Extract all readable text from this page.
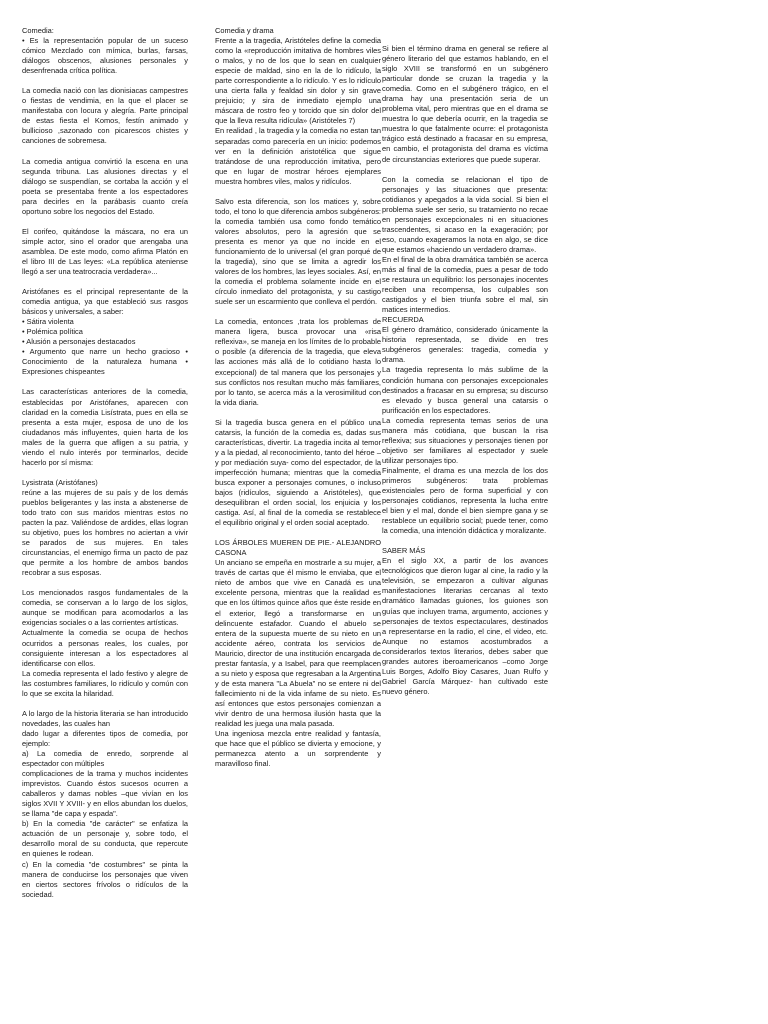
Comedia:
• Es la representación popular de un suceso cómico Mezclado con mímica, burlas, farsas, diálogos obscenos, alusiones personales y desenfrenada crítica política.

La comedia nació con las dionisiacas campestres o fiestas de vendimia, en la que el placer se manifestaba con locura y alegría. Parte principal de estas fiesta el Komos, festín animado y bullicioso ,sazonado con picarescos chistes y canciones de sobremesa.

La comedia antigua convirtió la escena en una segunda tribuna. Las alusiones directas y el diálogo se suspendían, se cortaba la acción y el poeta se presentaba frente a los espectadores para decirles en la parábasis cuanto creía oportuno sobre los negocios del Estado.

El corifeo, quitándose la máscara, no era un simple actor, sino el orador que arengaba una asamblea. De este modo, como afirma Platón en el libro III de Las leyes: «La república ateniense llegó a ser una teatrocracia verdadera»...

Aristófanes es el principal representante de la comedia antigua, ya que estableció sus rasgos básicos y universales, a saber:
• Sátira violenta
• Polémica política
• Alusión a personajes destacados
• Argumento que narre un hecho gracioso • Conocimiento de la naturaleza humana • Expresiones chispeantes

Las características anteriores de la comedia, establecidas por Aristófanes, aparecen con claridad en la comedia Lisístrata, pues en ella se presenta a esta mujer, esposa de uno de los ciudadanos más influyentes, quien harta de los males de la guerra que afligen a su patria, y viendo el nulo interés por terminarlos, decide hacerlo por sí misma:

Lysistrata (Aristófanes)
reúne a las mujeres de su país y de los demás pueblos beligerantes y las insta a abstenerse de todo trato con sus maridos mientras estos no pacten la paz. Valiéndose de ardides, ellas logran su objetivo, pues los hombres no aciertan a vivir se parados de sus mujeres. En tales circunstancias, el enemigo firma un pacto de paz que permite a los hombre de ambos bandos recobrar a sus esposas.

Los mencionados rasgos fundamentales de la comedia, se conservan a lo largo de los siglos, aunque se modifican para acomodarlos a las exigencias sociales o a las corrientes artísticas.
Actualmente la comedia se ocupa de hechos ocurridos a personas reales, los cuales, por consiguiente interesan a los espectadores al identificarse con ellos.
La comedia representa el lado festivo y alegre de las costumbres familiares, lo ridículo y común con lo que se excita la hilaridad.

A lo largo de la historia literaria se han introducido novedades, las cuales han
dado lugar a diferentes tipos de comedia, por ejemplo:
a) La comedia de enredo, sorprende al espectador con múltiples
complicaciones de la trama y muchos incidentes imprevistos. Cuando éstos sucesos ocurren a caballeros y damas nobles –que vivían en los siglos XVII Y XVIII- y en ellos abundan los duelos, se llama "de capa y espada".
b) En la comedia "de carácter" se enfatiza la actuación de un personaje y, sobre todo, el desarrollo moral de su conducta, que repercute en quienes le rodean.
c) En la comedia "de costumbres" se pinta la manera de conducirse los personajes que viven en ciertos sectores frívolos o ridículos de la sociedad.

Comedia y drama
Frente a la tragedia, Aristóteles define la comedia como la «reproducción imitativa de hombres viles o malos, y no de los que lo sean en cualquier especie de maldad, sino en la de lo ridículo, la parte correspondiente a lo ridículo. Y es lo ridículo una cierta falla y fealdad sin dolor y sin grave prejuicio; y sira de inmediato ejemplo una máscara de rostro feo y torcido que sin dolor del que la lleva resulta ridícula» (Aristóteles 7)
En realidad , la tragedia y la comedia no estan tan separadas como parecería en un inicio: podemos ver en la definición aristotélica que sigue tratándose de una reproducción imitativa, pero que en lugar de mostrar héroes ejemplares muestra hombres viles, malos y ridículos.

Salvo esta diferencia, son los matices y, sobre todo, el tono lo que diferencia ambos subgéneros: la comedia también usa como fondo temático valores absolutos, pero la agresión que se presenta es menor ya que no incide en el funcionamiento de lo universal (el gran porqué de la tragedia), sino que se limita a agredir los valores de los hombres, las leyes sociales. Así, en la comedia el problema solamente incide en el círculo inmediato del protagonista, y su castigo suele ser un escarmiento que conlleva el perdón.

La comedia, entonces ,trata los problemas de manera ligera, busca provocar una «risa reflexiva», se maneja en los límites de lo probable o posible (a diferencia de la tragedia, que eleva las acciones más allá de lo cotidiano hasta lo excepcional) de tal manera que los personajes y sus conflictos nos resultan mucho más familiares, por lo tanto, se acerca más a la verosimilitud con la vida diaria.

Si la tragedia busca genera en el público una catarsis, la función de la comedia es, dadas sus características, divertir. La tragedia incita al temor y a la piedad, al reconocimiento, tanto del héroe –y por mediación suya- como del espectador, de la imperfección humana; mientras que la comedia busca exponer a personajes comunes, o incluso bajos (ridículos, siguiendo a Aristóteles), que desequilibran el orden social, los enjuicia y los castiga. Así, al final de la comedia se restablece el equilibrio original y el orden social aceptado.

LOS ÁRBOLES MUEREN DE PIE.- ALEJANDRO CASONA
Un anciano se empeña en mostrarle a su mujer, a través de cartas que él mismo le enviaba, que el nieto de ambos que vive en Canadá es una excelente persona, mientras que la realidad es que en los últimos quince años que éste reside en el exterior, llegó a transformarse en un delincuente estafador. Cuando el abuelo se entera de la supuesta muerte de su nieto en un accidente aéreo, contrata los servicios de Mauricio, director de una institución encargada de prestar fantasía, y a Isabel, para que reemplacen a su nieto y esposa que regresaban a la Argentina y de esta manera "La Abuela" no se entere ni del fallecimiento ni de la vida infame de su nieto. Es así entonces que estos personajes comienzan a vivir dentro de una hermosa ilusión hasta que la realidad les juega una mala pasada.
Una ingeniosa mezcla entre realidad y fantasía, que hace que el público se divierta y emocione, y permanezca atento a un sorprendente y maravilloso final.

Si bien el término drama en general se refiere al género literario del que estamos hablando, en el siglo XVIII se transformó en un subgénero particular donde se cruzan la tragedia y la comedia. Como en el subgénero trágico, en el drama hay una presentación seria de un problema vital, pero mientras que en el drama se muestra lo que debería ocurrir, en la tragedia se muestra lo que fatalmente ocurre: el protagonista trágico está destinado a fracasar en su empresa, en cambio, el protagonista del drama es víctima de circunstancias exteriores que puede superar.

Con la comedia se relacionan el tipo de personajes y las situaciones que presenta: cotidianos y apegados a la vida social. Si bien el problema suele ser serio, su tratamiento no recae en personajes excepcionales ni en situaciones trascendentes, si acaso en la exageración; por eso, cuando exageramos la nota en algo, se dice que estamos «haciendo un verdadero drama».
En el final de la obra dramática también se acerca más al final de la comedia, pues a pesar de todo se restaura un equilibrio: los personajes inocentes reciben una recompensa, los culpables son castigados y el bien triunfa sobre el mal, sin matices intermedios.
RECUERDA
El género dramático, considerado únicamente la historia representada, se divide en tres subgéneros generales: tragedia, comedia y drama.
La tragedia representa lo más sublime de la condición humana con personajes excepcionales destinados a fracasar en su empresa; su discurso es elevado y busca general una catarsis o purificación en los espectadores.
La comedia representa temas serios de una manera más cotidiana, que buscan la risa reflexiva; sus situaciones y personajes tienen por objetivo ser familiares al espectador y suele utilizar personajes tipo.
Finalmente, el drama es una mezcla de los dos primeros subgéneros: trata problemas existenciales pero de forma superficial y con personajes cotidianos, representa la lucha entre el bien y el mal, donde el bien siempre gana y se restablece un equilibrio social; puede tener, como la comedia, una intención didáctica y moralizante.

SABER MÁS
En el siglo XX, a partir de los avances tecnológicos que dieron lugar al cine, la radio y la televisión, se empezaron a cultivar algunas manifestaciones literarias cercanas al texto dramático llamadas guiones, los guiones son guías que incluyen trama, argumento, acciones y personajes de textos espectaculares, destinados a representarse en la radio, el cine, el video, etc. Aunque no estamos acostumbrados a considerarlos textos literarios, debes saber que grandes autores iberoamericanos –como Jorge Luis Borges, Adolfo Bioy Casares, Juan Rulfo y Gabriel García Márquez- han cultivado este nuevo género.
